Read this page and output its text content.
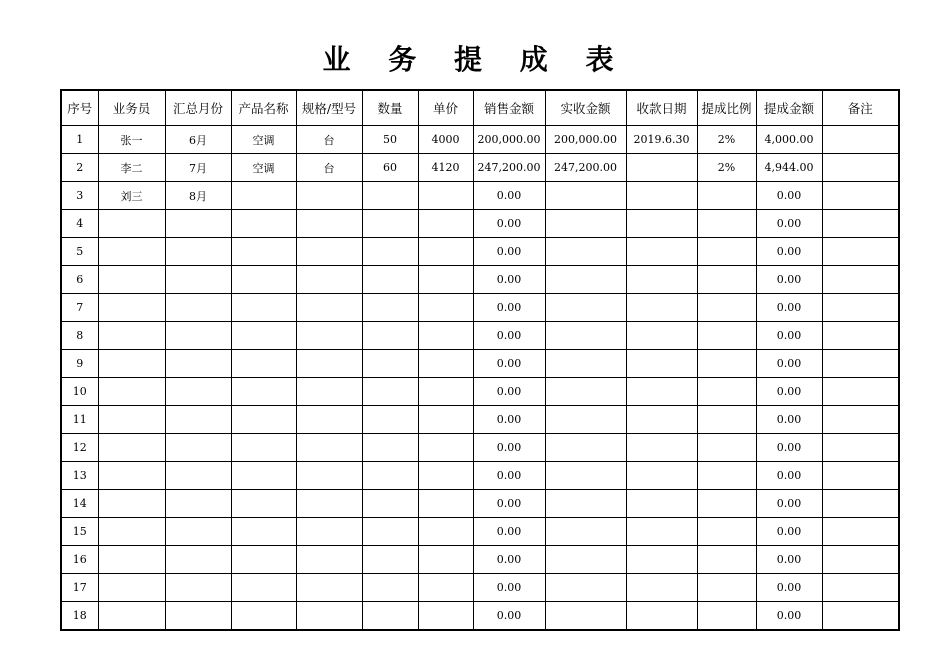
业 务 提 成 表
序号	业务员	汇总月份	产品名称	规格/型号	数量	单价	销售金额	实收金额	收款日期	提成比例	提成金额	备注
1	张一	6月	空调	台	50	4000	200,000.00	200,000.00	2019.6.30	2%	4,000.00	
2	李二	7月	空调	台	60	4120	247,200.00	247,200.00		2%	4,944.00	
3	刘三	8月					0.00				0.00	
4							0.00				0.00	
5							0.00				0.00	
6							0.00				0.00	
7							0.00				0.00	
8							0.00				0.00	
9							0.00				0.00	
10							0.00				0.00	
11							0.00				0.00	
12							0.00				0.00	
13							0.00				0.00	
14							0.00				0.00	
15							0.00				0.00	
16							0.00				0.00	
17							0.00				0.00	
18							0.00				0.00	
